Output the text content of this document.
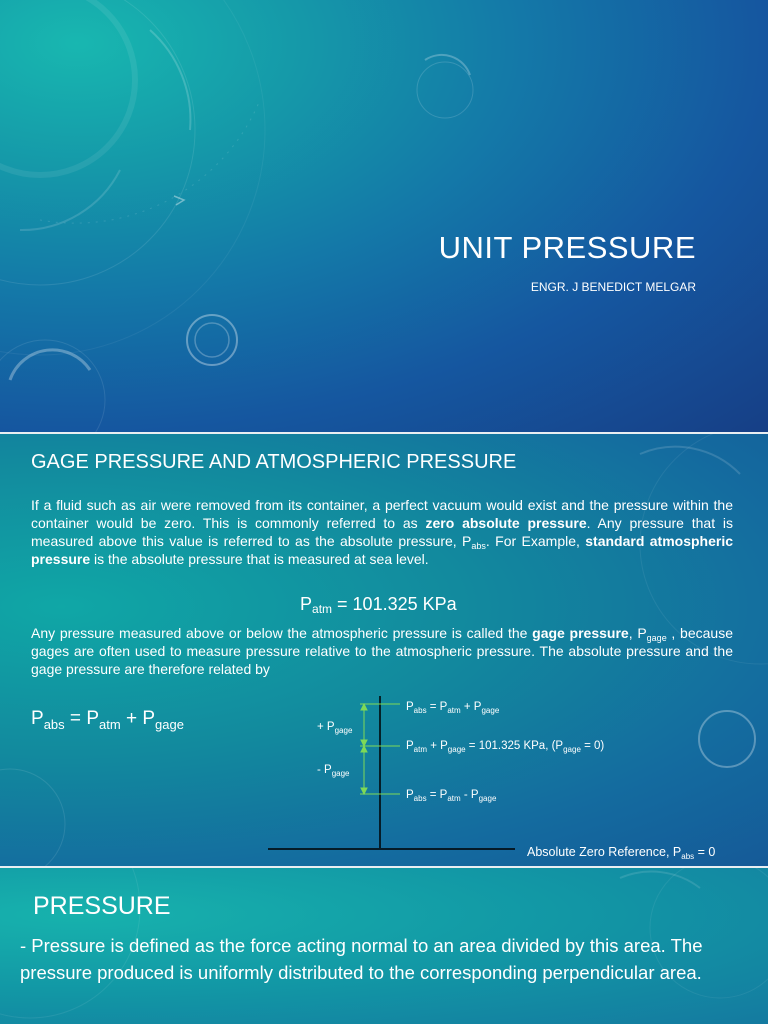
UNIT PRESSURE
ENGR. J BENEDICT MELGAR
GAGE PRESSURE AND ATMOSPHERIC PRESSURE
If a fluid such as air were removed from its container, a perfect vacuum would exist and the pressure within the container would be zero. This is commonly referred to as zero absolute pressure. Any pressure that is measured above this value is referred to as the absolute pressure, $P_{abs}$. For Example, standard atmospheric pressure is the absolute pressure that is measured at sea level.
$P_{atm} = 101.325$ KPa
Any pressure measured above or below the atmospheric pressure is called the gage pressure, $P_{gage}$ , because gages are often used to measure pressure relative to the atmospheric pressure. The absolute pressure and the gage pressure are therefore related by
$P_{abs} = P_{atm} + P_{gage}$	+ $P_{gage}$
- $P_{gage}$
$P_{abs} = P_{atm} + P_{gage}$
$P_{atm} + P_{gage} = 101.325$ KPa, $(P_{gage} = 0)$
$P_{abs} = P_{atm} - P_{gage}$
Absolute Zero Reference, $P_{abs} = 0$
PRESSURE
- Pressure is defined as the force acting normal to an area divided by this area. The pressure produced is uniformly distributed to the corresponding perpendicular area.
